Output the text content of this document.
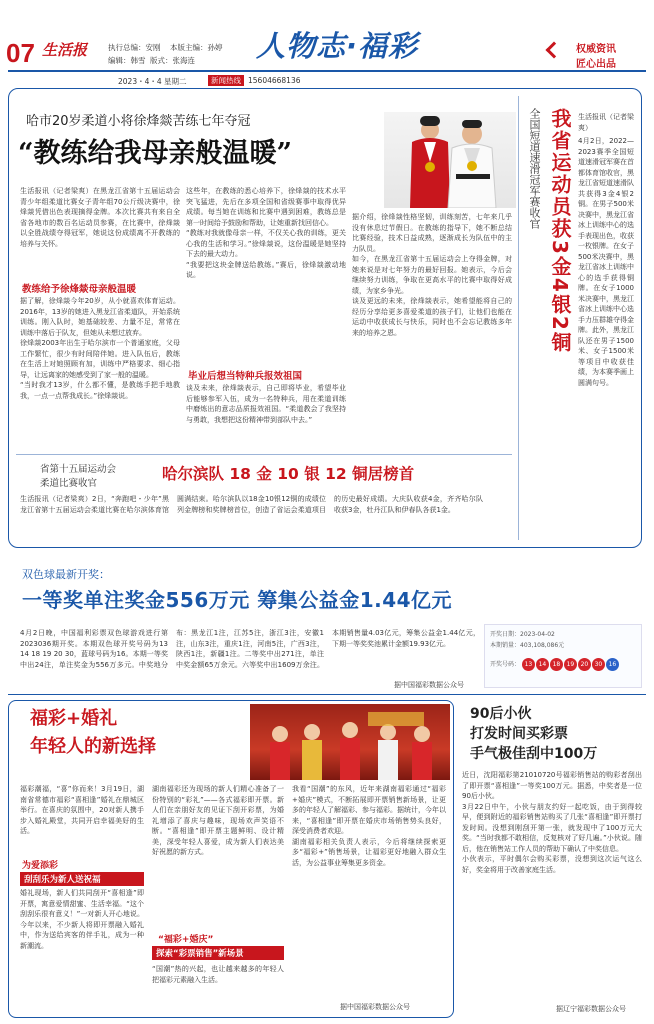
07 生活报	执行总编：安刚 本版主编：孙婷
编辑：韩雪 版式：张海连 人物志·福彩	权威资讯
匠心出品
2023・4・4 星期二	新闻热线 15604668136
哈市20岁柔道小将徐烽燚苦练七年夺冠
“教练给我母亲般温暖”
生活报讯（记者梁爽）在黑龙江省第十五届运动会青少年组柔道比赛女子青年组70公斤级决赛中，徐烽燚凭借出色表现摘得金牌。本次比赛共有来自全省各地市的数百名运动员参赛，在比赛中，徐烽燚以全胜战绩夺得冠军，她说这份成绩离不开教练的培养与关怀。
教练给予徐烽燚母亲般温暖
据了解，徐烽燚今年20岁，从小就喜欢体育运动。2016年，13岁的她进入黑龙江省柔道队，开始系统训练。刚入队时，她基础较差、力量不足，常常在训练中落后于队友，但她从未想过放弃。
徐烽燚2003年出生于哈尔滨市一个普通家庭，父母工作繁忙，很少有时间陪伴她。进入队伍后，教练在生活上对她照顾有加，训练中严格要求、细心指导，让远离家的她感受到了家一般的温暖。
“当时我才13岁，什么都不懂，是教练手把手地教我，一点一点帮我成长。”徐烽燚说。
这些年，在教练的悉心培养下，徐烽燚的技术水平突飞猛进，先后在多项全国和省级赛事中取得优异成绩。每当她在训练和比赛中遇到困难，教练总是第一时间给予鼓励和帮助，让她重新找回信心。
“教练对我就像母亲一样，不仅关心我的训练，更关心我的生活和学习。”徐烽燚说，这份温暖是她坚持下去的最大动力。
“我要把这块金牌送给教练。”赛后，徐烽燚激动地说。
毕业后想当特种兵报效祖国
谈及未来，徐烽燚表示，自己即将毕业，希望毕业后能够参军入伍，成为一名特种兵，用在柔道训练中磨炼出的意志品质报效祖国。“柔道教会了我坚持与勇敢，我想把这份精神带到部队中去。”
据介绍，徐烽燚性格坚韧，训练刻苦，七年来几乎没有休息过节假日。在教练的指导下，她不断总结比赛经验，技术日益成熟，逐渐成长为队伍中的主力队员。
如今，在黑龙江省第十五届运动会上夺得金牌，对她来说是对七年努力的最好回报。她表示，今后会继续努力训练，争取在更高水平的比赛中取得好成绩，为家乡争光。
谈及更远的未来，徐烽燚表示，她希望能将自己的经历分享给更多喜爱柔道的孩子们，让他们也能在运动中收获成长与快乐，同时也不会忘记教练多年来的培养之恩。	我省运动员获3金4银2铜
全国短道速滑冠军赛收官	生活报讯（记者梁爽）
4月2日，2022—2023赛季全国短道速滑冠军赛在首都体育馆收官，黑龙江省短道速滑队共获得3金4银2铜。在男子500米决赛中，黑龙江省冰上训练中心的选手表现出色，收获一枚银牌。在女子500米决赛中，黑龙江省冰上训练中心的选手获得铜牌。在女子1000米决赛中，黑龙江省冰上训练中心选手力压群雄夺得金牌。此外，黑龙江队还在男子1500米、女子1500米等项目中收获佳绩，为本赛季画上圆满句号。
省第十五届运动会
柔道比赛收官
哈尔滨队 18 金 10 银 12 铜居榜首
生活报讯（记者梁爽）2日，“奔跑吧・少年”黑龙江省第十五届运动会柔道比赛在哈尔滨体育馆圆满结束。哈尔滨队以18金10银12铜的成绩位列金牌榜和奖牌榜首位，创造了省运会柔道项目的历史最好成绩。大庆队收获4金，齐齐哈尔队收获3金，牡丹江队和伊春队各获1金。
双色球最新开奖：
一等奖单注奖金556万元 筹集公益金1.44亿元
4月2日晚，中国福利彩票双色球游戏进行第2023036期开奖。本期双色球开奖号码为13 14 18 19 20 30，蓝球号码为16。本期一等奖中出24注，单注奖金为556万多元。中奖地分布：黑龙江1注，江苏5注，浙江3注，安徽1注，山东3注，重庆1注，河南5注，广西3注，陕西1注，新疆1注。二等奖中出271注，单注中奖金额65万余元。六等奖中出1609万余注。本期销售量4.03亿元，筹集公益金1.44亿元，下期一等奖奖池累计金额19.93亿元。
据中国福彩数据公众号
开奖日期：2023-04-02
本期销量：403,108,086元
开奖号码： 13 14 18 19 20 30 16
福彩+婚礼
年轻人的新选择
福彩潮福，“喜”你而来！3月19日，湖南省常德市福彩“喜相逢”婚礼在鼎城区举行。在喜庆的氛围中，20对新人携手步入婚礼殿堂，共同开启幸福美好的生活。
为爱添彩
刮刮乐为新人送祝福
婚礼现场，新人们共同刮开“喜相逢”即开票，寓意爱情甜蜜、生活幸福。“这个刮刮乐很有意义！”一对新人开心地说。今年以来，不少新人将即开票融入婚礼中，作为送给宾客的伴手礼，成为一种新潮流。
湖南福彩还为现场的新人们精心准备了一份特别的“彩礼”——各式福彩即开票。新人们在亲朋好友的见证下刮开彩票，为婚礼增添了喜庆与趣味，现场欢声笑语不断。“喜相逢”即开票主题鲜明、设计精美，深受年轻人喜爱，成为新人们表达美好祝愿的新方式。
“福彩+婚庆”
探索“彩票销售”新场景
“国潮”热的兴起，也让越来越多的年轻人把福彩元素融入生活。
我看“国潮”的东风，近年来湖南福彩通过“福彩+婚庆”模式，不断拓展即开票销售新场景，让更多的年轻人了解福彩、参与福彩。据统计，今年以来，“喜相逢”即开票在婚庆市场销售势头良好，深受消费者欢迎。
湖南福彩相关负责人表示，今后将继续探索更多“福彩+”销售场景，让福彩更好地融入群众生活，为公益事业筹集更多资金。
据中国福彩数据公众号
90后小伙
打发时间买彩票
手气极佳刮中100万
近日，沈阳福彩第21010720号福彩销售站的购彩者刮出了即开票“喜相逢”一等奖100万元。据悉，中奖者是一位90后小伙。
3月22日中午，小伙与朋友约好一起吃饭，由于到得较早，便到附近的福彩销售站购买了几张“喜相逢”即开票打发时间。没想到刚刮开第一张，就发现中了100万元大奖。“当时我都不敢相信，反复核对了好几遍。”小伙说。随后，他在销售站工作人员的帮助下确认了中奖信息。
小伙表示，平时偶尔会购买彩票，没想到这次运气这么好，奖金将用于改善家庭生活。
据辽宁福彩数据公众号
